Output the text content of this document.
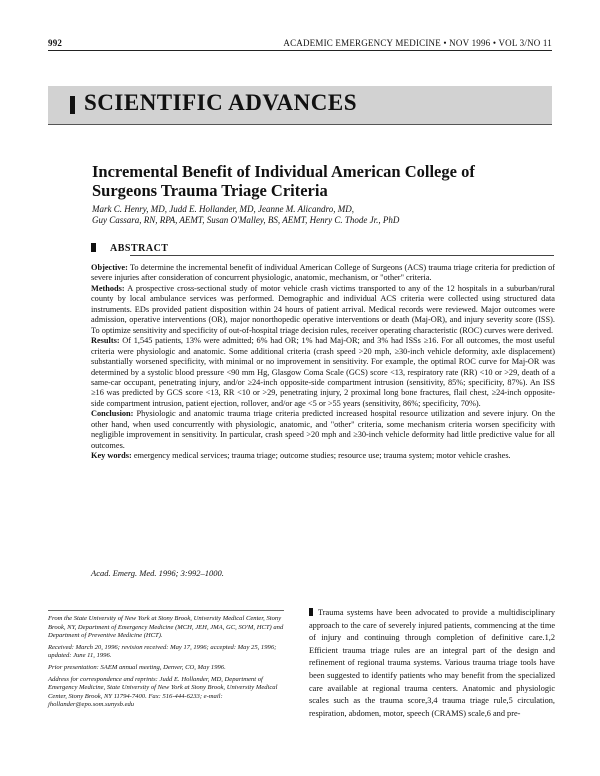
992	ACADEMIC EMERGENCY MEDICINE • NOV 1996 • VOL 3/NO 11
SCIENTIFIC ADVANCES
Incremental Benefit of Individual American College of Surgeons Trauma Triage Criteria
Mark C. Henry, MD, Judd E. Hollander, MD, Jeanne M. Alicandro, MD,
Guy Cassara, RN, RPA, AEMT, Susan O'Malley, BS, AEMT, Henry C. Thode Jr., PhD
ABSTRACT

Objective: To determine the incremental benefit of individual American College of Surgeons (ACS) trauma triage criteria for prediction of severe injuries after consideration of concurrent physiologic, anatomic, mechanism, or "other" criteria.

Methods: A prospective cross-sectional study of motor vehicle crash victims transported to any of the 12 hospitals in a suburban/rural county by local ambulance services was performed. Demographic and individual ACS criteria were collected using structured data instruments. EDs provided patient disposition within 24 hours of patient arrival. Medical records were reviewed. Major outcomes were admission, operative interventions (OR), major nonorthopedic operative interventions or death (Maj-OR), and injury severity score (ISS). To optimize sensitivity and specificity of out-of-hospital triage decision rules, receiver operating characteristic (ROC) curves were derived.

Results: Of 1,545 patients, 13% were admitted; 6% had OR; 1% had Maj-OR; and 3% had ISSs ≥16. For all outcomes, the most useful criteria were physiologic and anatomic. Some additional criteria (crash speed >20 mph, ≥30-inch vehicle deformity, axle displacement) substantially worsened specificity, with minimal or no improvement in sensitivity. For example, the optimal ROC curve for Maj-OR was determined by a systolic blood pressure <90 mm Hg, Glasgow Coma Scale (GCS) score <13, respiratory rate (RR) <10 or >29, death of a same-car occupant, penetrating injury, and/or ≥24-inch opposite-side compartment intrusion (sensitivity, 85%; specificity, 87%). An ISS ≥16 was predicted by GCS score <13, RR <10 or >29, penetrating injury, 2 proximal long bone fractures, flail chest, ≥24-inch opposite-side compartment intrusion, patient ejection, rollover, and/or age <5 or >55 years (sensitivity, 86%; specificity, 70%).

Conclusion: Physiologic and anatomic trauma triage criteria predicted increased hospital resource utilization and severe injury. On the other hand, when used concurrently with physiologic, anatomic, and "other" criteria, some mechanism criteria worsen specificity with negligible improvement in sensitivity. In particular, crash speed >20 mph and ≥30-inch vehicle deformity had little predictive value for all outcomes.

Key words: emergency medical services; trauma triage; outcome studies; resource use; trauma system; motor vehicle crashes.

Acad. Emerg. Med. 1996; 3:992–1000.

From the State University of New York at Stony Brook, University Medical Center, Stony Brook, NY, Department of Emergency Medicine (MCH, JEH, JMA, GC, SO'M, HCT) and Department of Preventive Medicine (HCT).

Received: March 20, 1996; revision received: May 17, 1996; accepted: May 25, 1996; updated: June 11, 1996.

Prior presentation: SAEM annual meeting, Denver, CO, May 1996.

Address for correspondence and reprints: Judd E. Hollander, MD, Department of Emergency Medicine, State University of New York at Stony Brook, University Medical Center, Stony Brook, NY 11794-7400. Fax: 516-444-6233; e-mail: jhollander@epo.som.sunysb.edu

Trauma systems have been advocated to provide a multidisciplinary approach to the care of severely injured patients, commencing at the time of injury and continuing through completion of definitive care.1,2 Efficient trauma triage rules are an integral part of the design and refinement of regional trauma systems. Various trauma triage tools have been suggested to identify patients who may benefit from the specialized care available at regional trauma centers. Anatomic and physiologic scales such as the trauma score,3,4 trauma triage rule,5 circulation, respiration, abdomen, motor, speech (CRAMS) scale,6 and pre-
